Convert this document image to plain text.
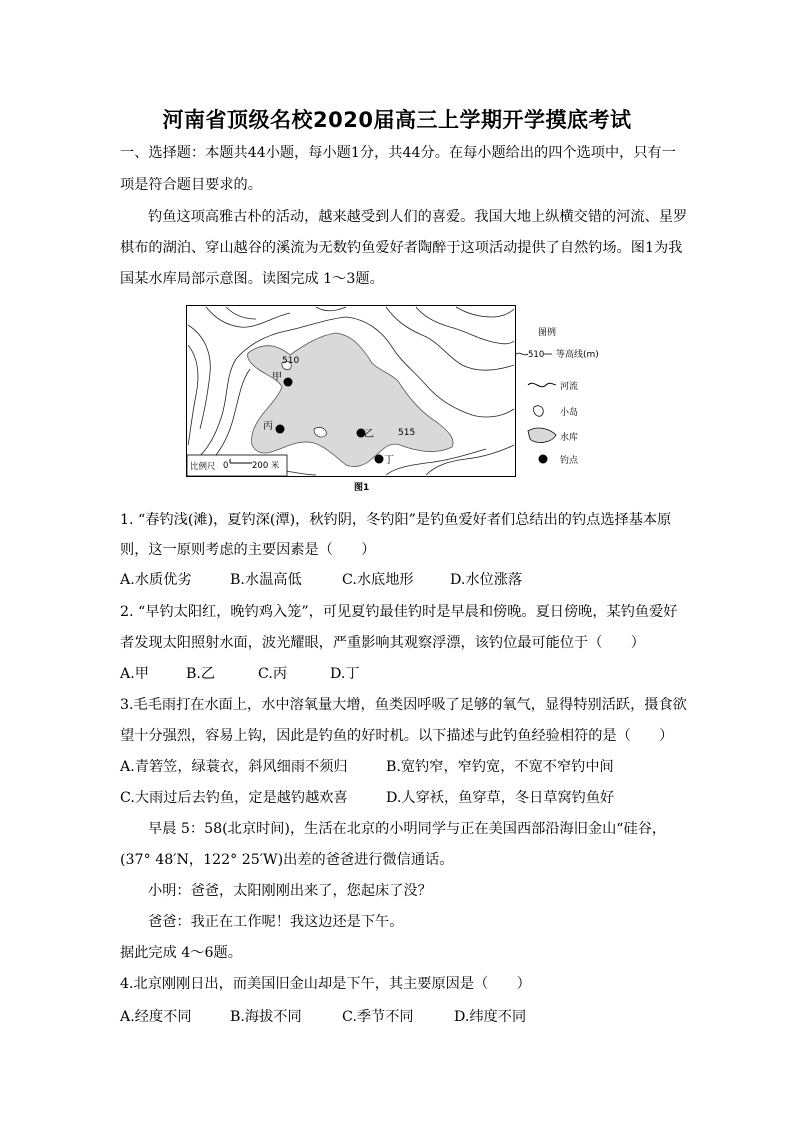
河南省顶级名校2020届高三上学期开学摸底考试
一、选择题：本题共44小题，每小题1分，共44分。在每小题给出的四个选项中，只有一
项是符合题目要求的。
钓鱼这项高雅古朴的活动，越来越受到人们的喜爱。我国大地上纵横交错的河流、星罗
棋布的湖泊、穿山越谷的溪流为无数钓鱼爱好者陶醉于这项活动提供了自然钓场。图1为我
国某水库局部示意图。读图完成 1～3题。
510
515
甲
乙
丙
丁
比例尺 0	200 米
图例
510 等高线(m)
河流
小岛
水库
钓点
图1
1. “春钓浅(滩)，夏钓深(潭)，秋钓阴，冬钓阳”是钓鱼爱好者们总结出的钓点选择基本原
则，这一原则考虑的主要因素是（　　）
A.水质优劣	B.水温高低	C.水底地形	D.水位涨落
2. “早钓太阳红，晚钓鸡入笼”，可见夏钓最佳钓时是早晨和傍晚。夏日傍晚，某钓鱼爱好
者发现太阳照射水面，波光耀眼，严重影响其观察浮漂，该钓位最可能位于（　　）
A.甲	B.乙	C.丙	D.丁
3.毛毛雨打在水面上，水中溶氧量大增，鱼类因呼吸了足够的氧气，显得特别活跃，摄食欲
望十分强烈，容易上钩，因此是钓鱼的好时机。以下描述与此钓鱼经验相符的是（　　）
A.青箬笠，绿蓑衣，斜风细雨不须归	B.宽钓窄，窄钓宽，不宽不窄钓中间
C.大雨过后去钓鱼，定是越钓越欢喜	D.人穿袄，鱼穿草，冬日草窝钓鱼好
早晨 5：58(北京时间)，生活在北京的小明同学与正在美国西部沿海旧金山“硅谷，
(37° 48′N，122° 25′W)出差的爸爸进行微信通话。
小明：爸爸，太阳刚刚出来了，您起床了没？
爸爸：我正在工作呢！我这边还是下午。
据此完成 4～6题。
4.北京刚刚日出，而美国旧金山却是下午，其主要原因是（　　）
A.经度不同	B.海拔不同	C.季节不同	D.纬度不同
